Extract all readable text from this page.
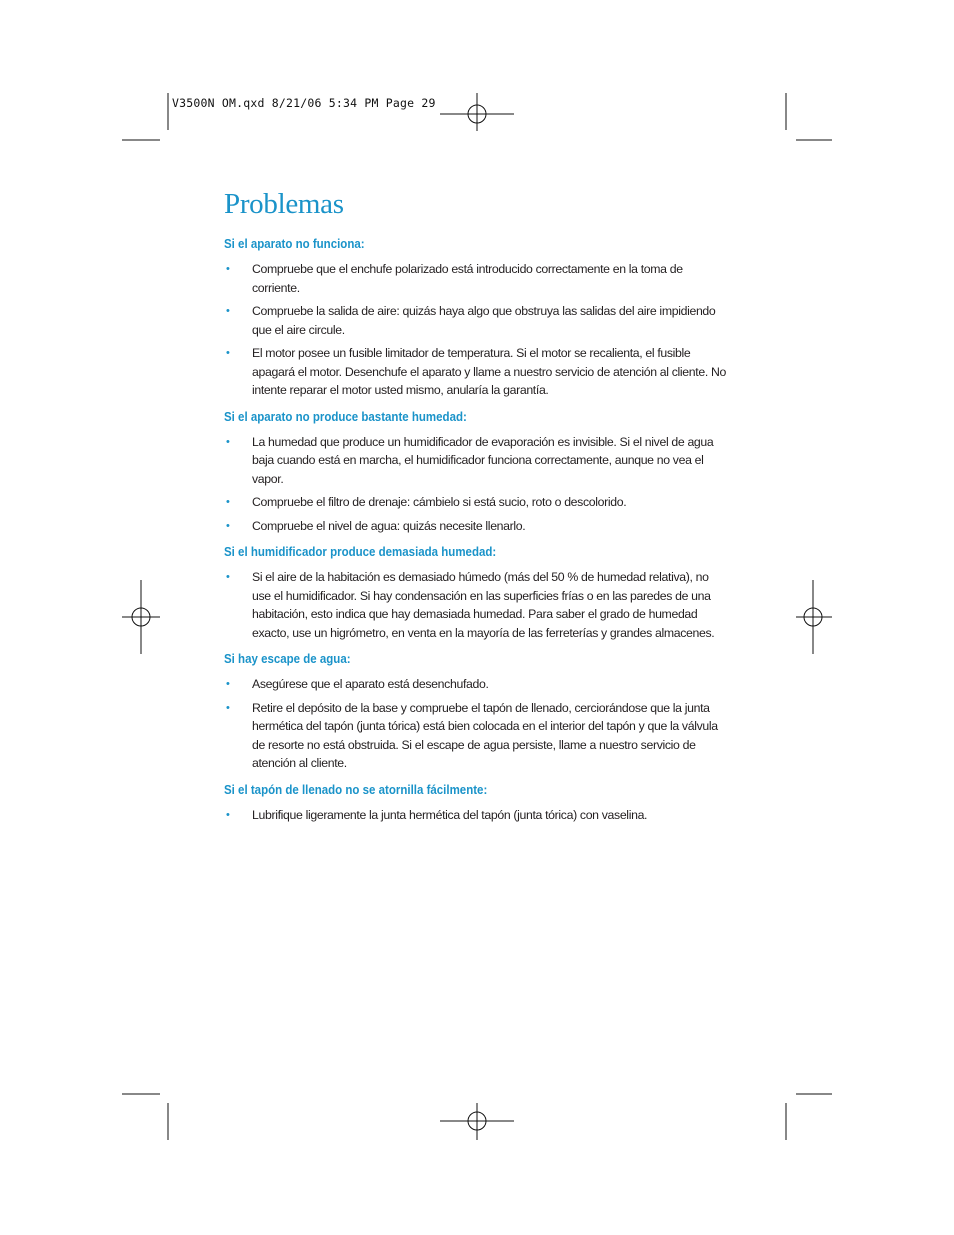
V3500N OM.qxd 8/21/06 5:34 PM Page 29
Problemas
Si el aparato no funciona:
• Compruebe que el enchufe polarizado está introducido correctamente en la toma de corriente.
• Compruebe la salida de aire: quizás haya algo que obstruya las salidas del aire impidiendo que el aire circule.
• El motor posee un fusible limitador de temperatura. Si el motor se recalienta, el fusible apagará el motor. Desenchufe el aparato y llame a nuestro servicio de atención al cliente. No intente reparar el motor usted mismo, anularía la garantía.
Si el aparato no produce bastante humedad:
• La humedad que produce un humidificador de evaporación es invisible. Si el nivel de agua baja cuando está en marcha, el humidificador funciona correctamente, aunque no vea el vapor.
• Compruebe el filtro de drenaje: cámbielo si está sucio, roto o descolorido.
• Compruebe el nivel de agua: quizás necesite llenarlo.
Si el humidificador produce demasiada humedad:
• Si el aire de la habitación es demasiado húmedo (más del 50 % de humedad relativa), no use el humidificador. Si hay condensación en las superficies frías o en las paredes de una habitación, esto indica que hay demasiada humedad. Para saber el grado de humedad exacto, use un higrómetro, en venta en la mayoría de las ferreterías y grandes almacenes.
Si hay escape de agua:
• Asegúrese que el aparato está desenchufado.
• Retire el depósito de la base y compruebe el tapón de llenado, cerciorándose que la junta hermética del tapón (junta tórica) está bien colocada en el interior del tapón y que la válvula de resorte no está obstruida. Si el escape de agua persiste, llame a nuestro servicio de atención al cliente.
Si el tapón de llenado no se atornilla fácilmente:
• Lubrifique ligeramente la junta hermética del tapón (junta tórica) con vaselina.
